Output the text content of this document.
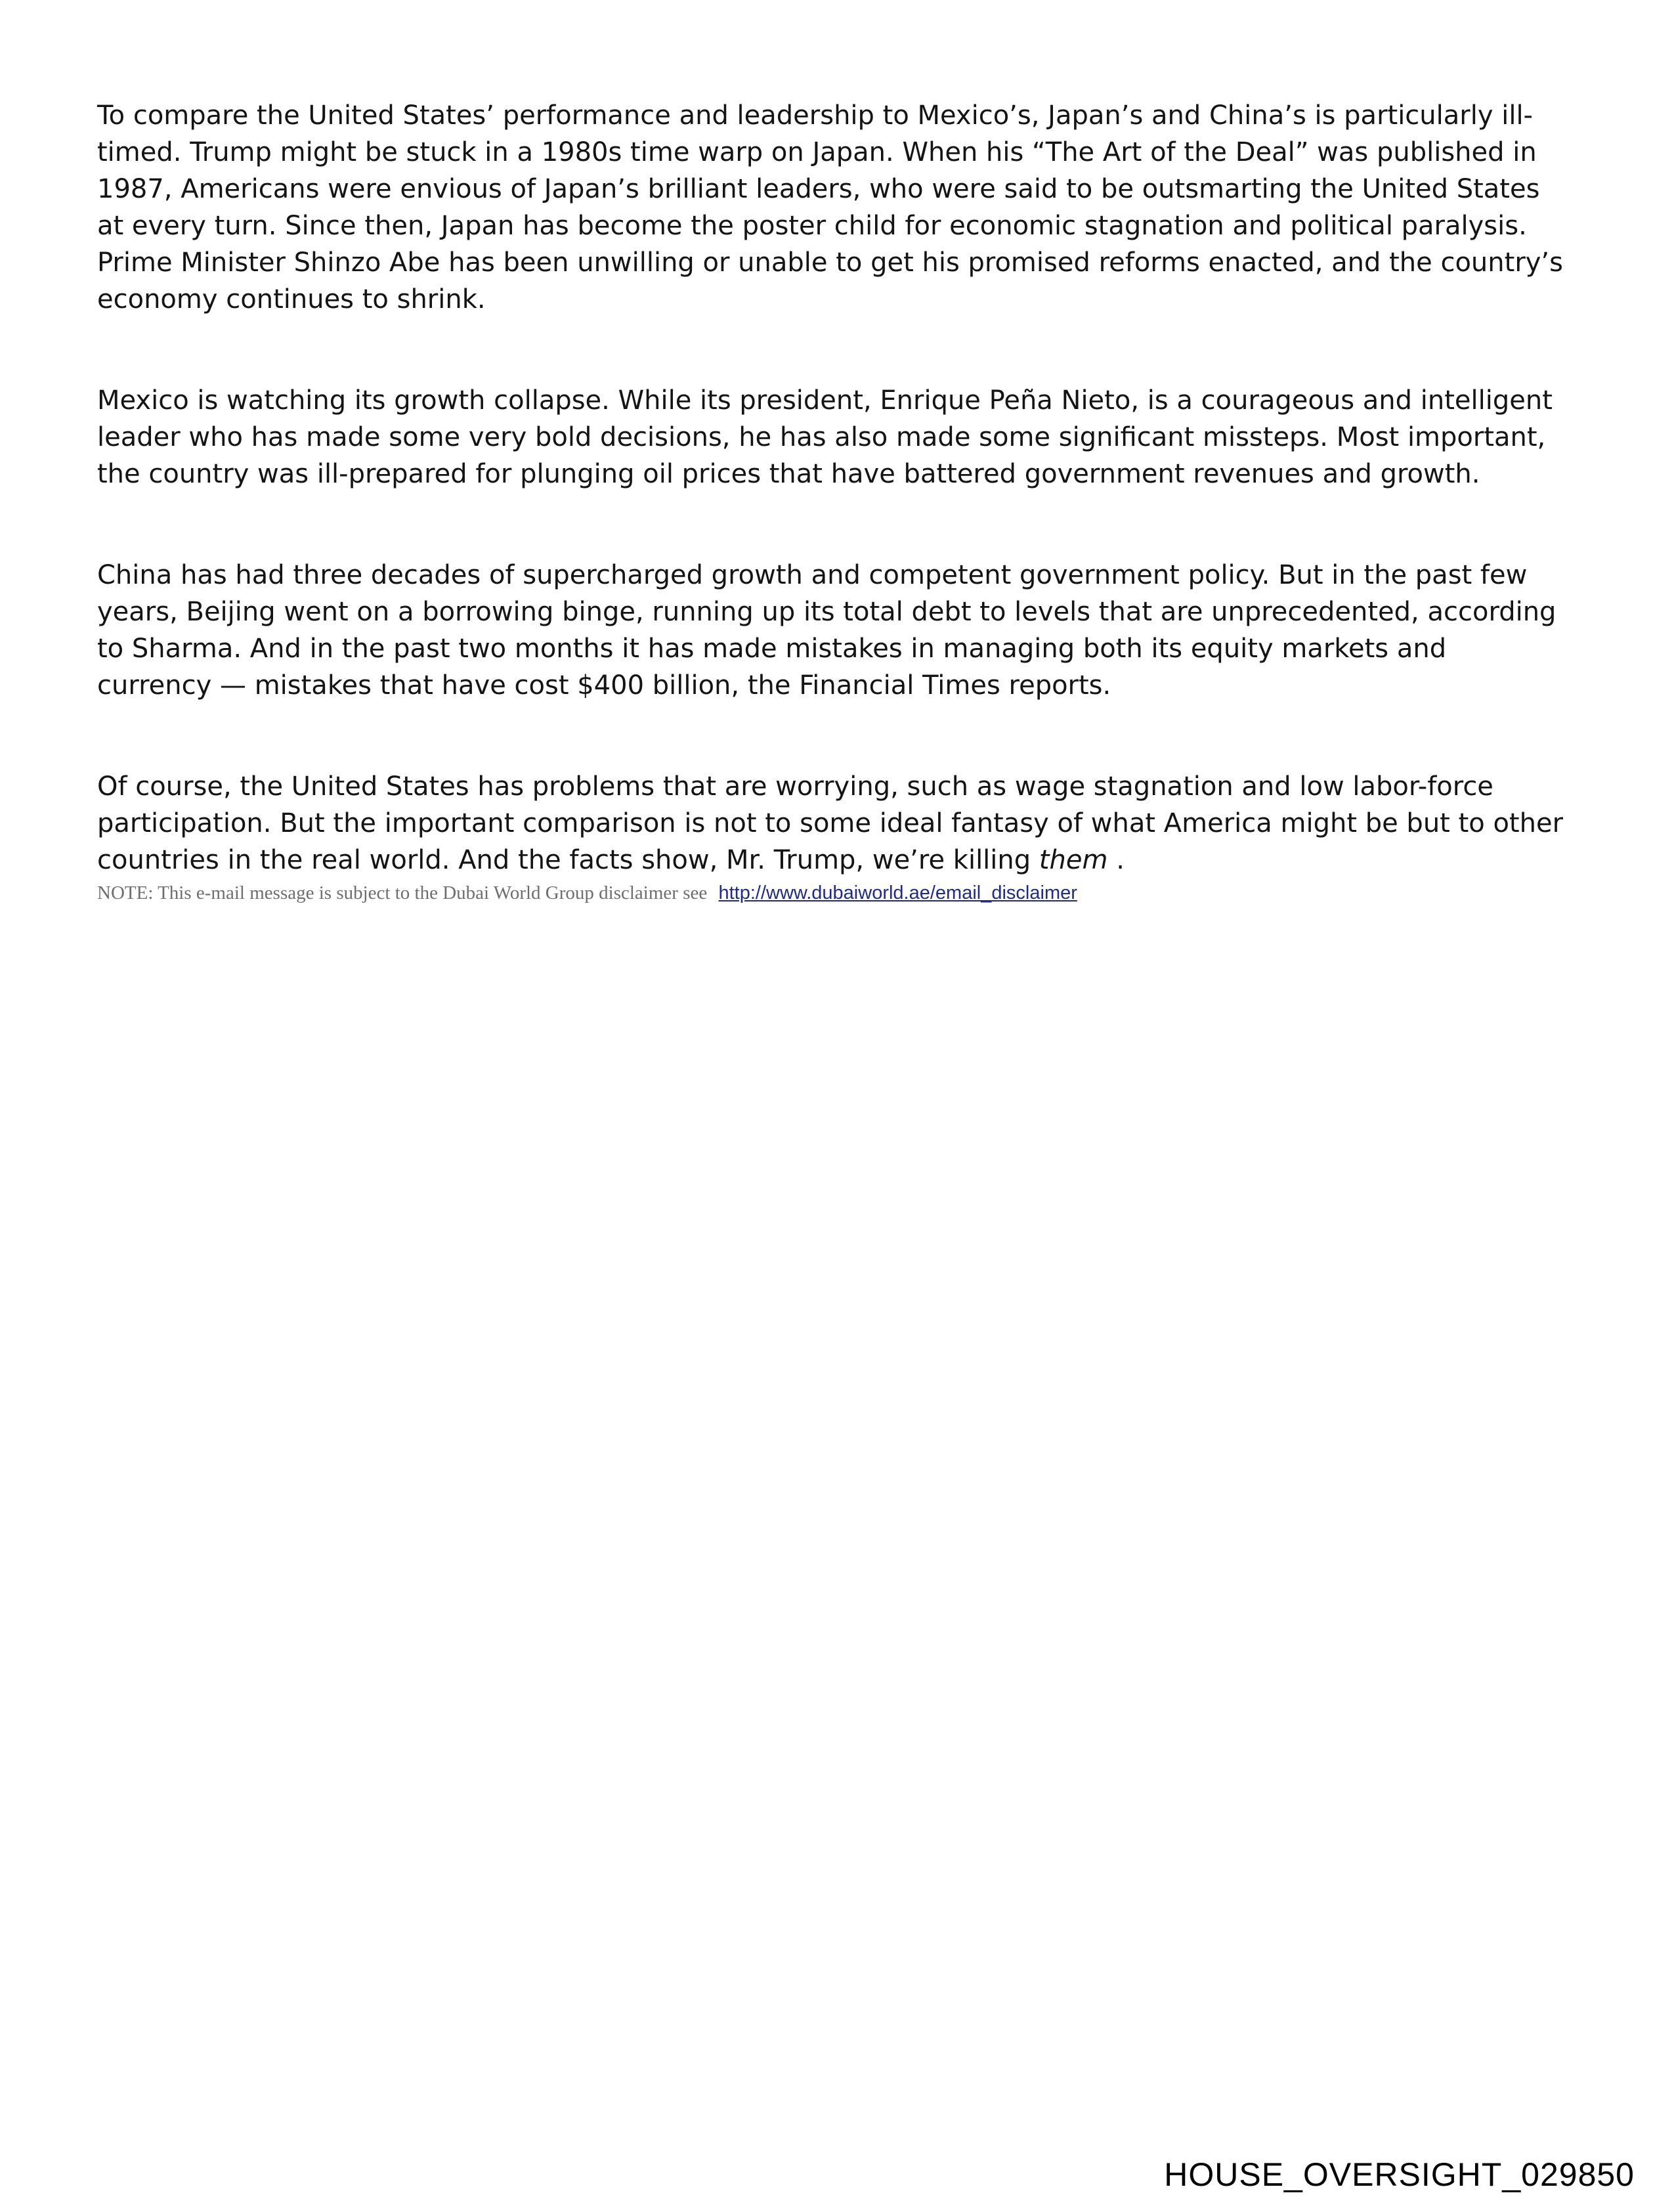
To compare the United States’ performance and leadership to Mexico’s, Japan’s and China’s is particularly ill-timed. Trump might be stuck in a 1980s time warp on Japan. When his “The Art of the Deal” was published in 1987, Americans were envious of Japan’s brilliant leaders, who were said to be outsmarting the United States at every turn. Since then, Japan has become the poster child for economic stagnation and political paralysis. Prime Minister Shinzo Abe has been unwilling or unable to get his promised reforms enacted, and the country’s economy continues to shrink.

Mexico is watching its growth collapse. While its president, Enrique Peña Nieto, is a courageous and intelligent leader who has made some very bold decisions, he has also made some significant missteps. Most important, the country was ill-prepared for plunging oil prices that have battered government revenues and growth.

China has had three decades of supercharged growth and competent government policy. But in the past few years, Beijing went on a borrowing binge, running up its total debt to levels that are unprecedented, according to Sharma. And in the past two months it has made mistakes in managing both its equity markets and currency — mistakes that have cost $400 billion, the Financial Times reports.

Of course, the United States has problems that are worrying, such as wage stagnation and low labor-force participation. But the important comparison is not to some ideal fantasy of what America might be but to other countries in the real world. And the facts show, Mr. Trump, we’re killing them .

NOTE: This e-mail message is subject to the Dubai World Group disclaimer see http://www.dubaiworld.ae/email_disclaimer
HOUSE_OVERSIGHT_029850
